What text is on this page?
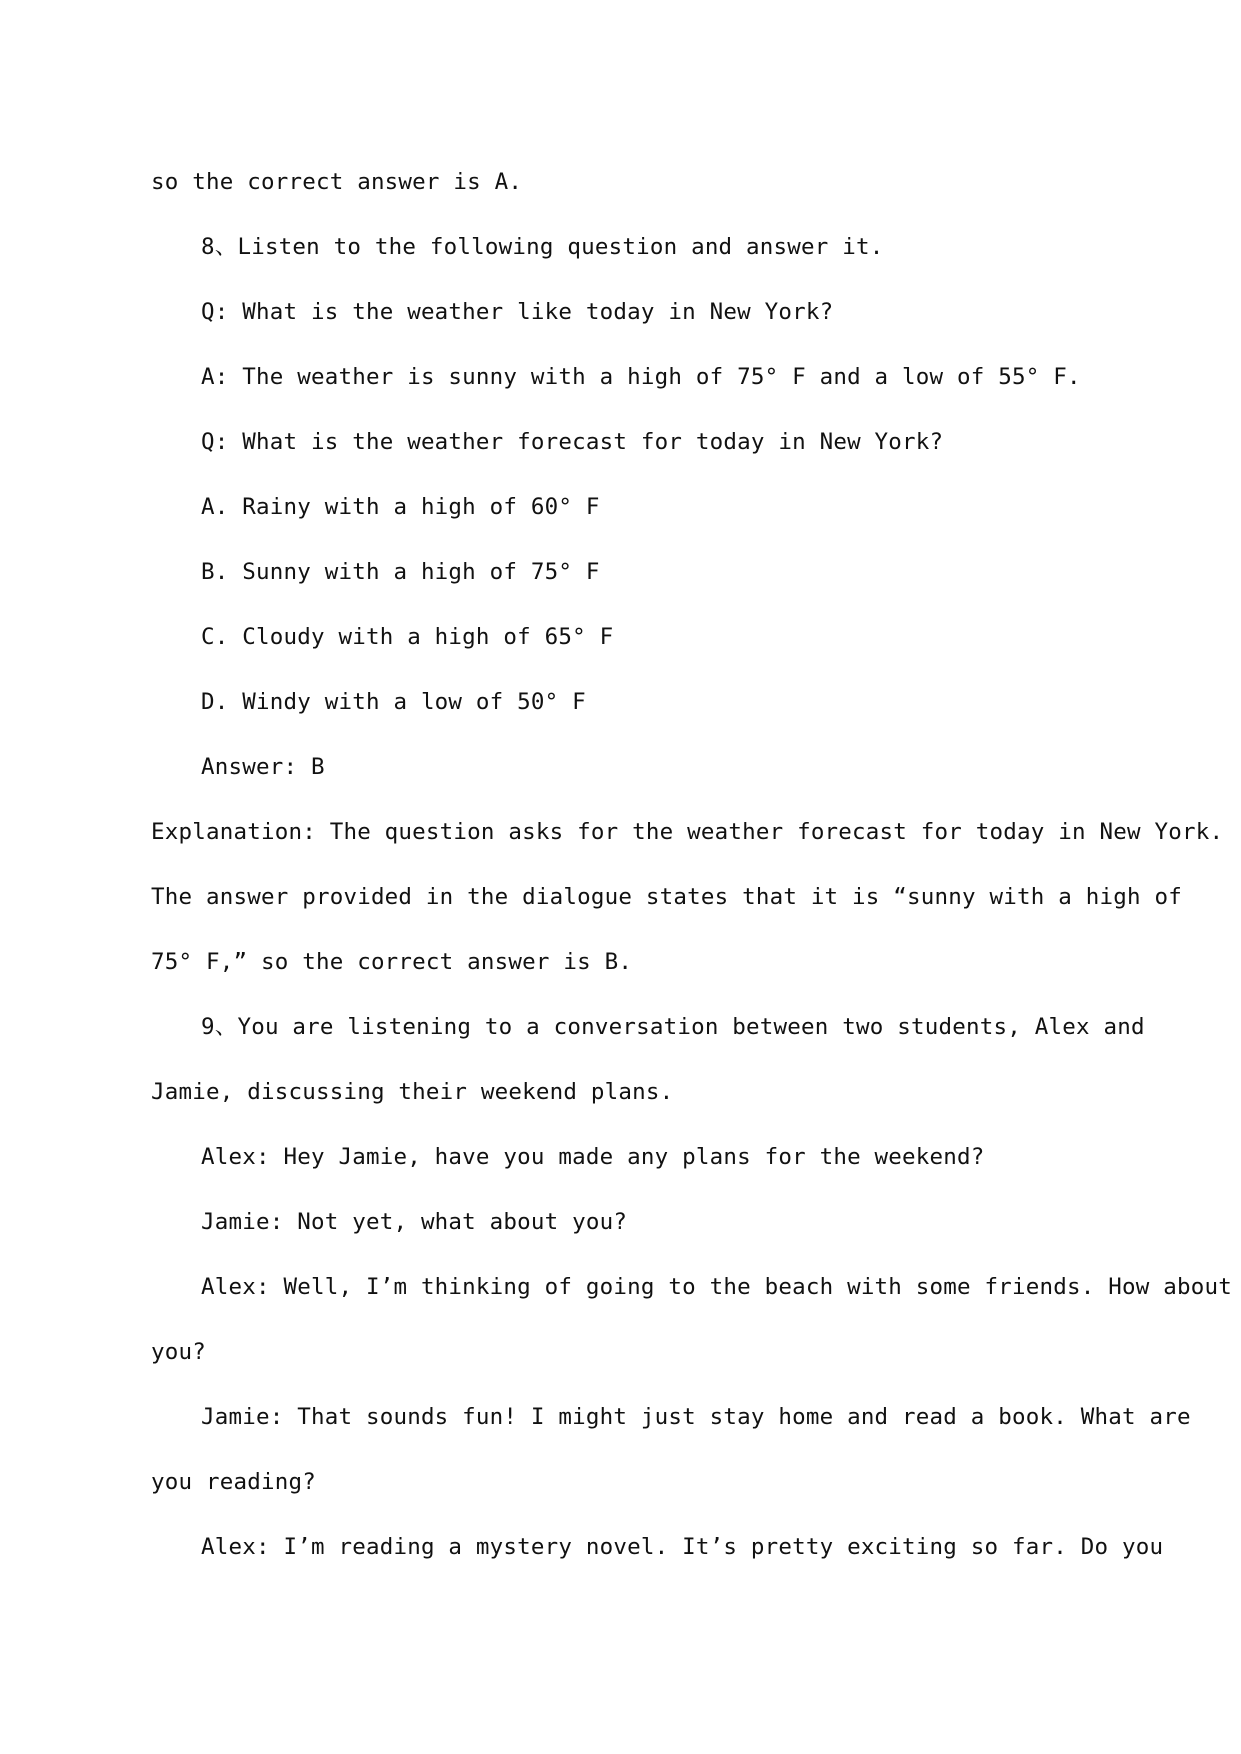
so the correct answer is A.
8、Listen to the following question and answer it.
Q: What is the weather like today in New York?
A: The weather is sunny with a high of 75° F and a low of 55° F.
Q: What is the weather forecast for today in New York?
A. Rainy with a high of 60° F
B. Sunny with a high of 75° F
C. Cloudy with a high of 65° F
D. Windy with a low of 50° F
Answer: B
Explanation: The question asks for the weather forecast for today in New York.
The answer provided in the dialogue states that it is “sunny with a high of
75° F,” so the correct answer is B.
9、You are listening to a conversation between two students, Alex and
Jamie, discussing their weekend plans.
Alex: Hey Jamie, have you made any plans for the weekend?
Jamie: Not yet, what about you?
Alex: Well, I’m thinking of going to the beach with some friends. How about
you?
Jamie: That sounds fun! I might just stay home and read a book. What are
you reading?
Alex: I’m reading a mystery novel. It’s pretty exciting so far. Do you
